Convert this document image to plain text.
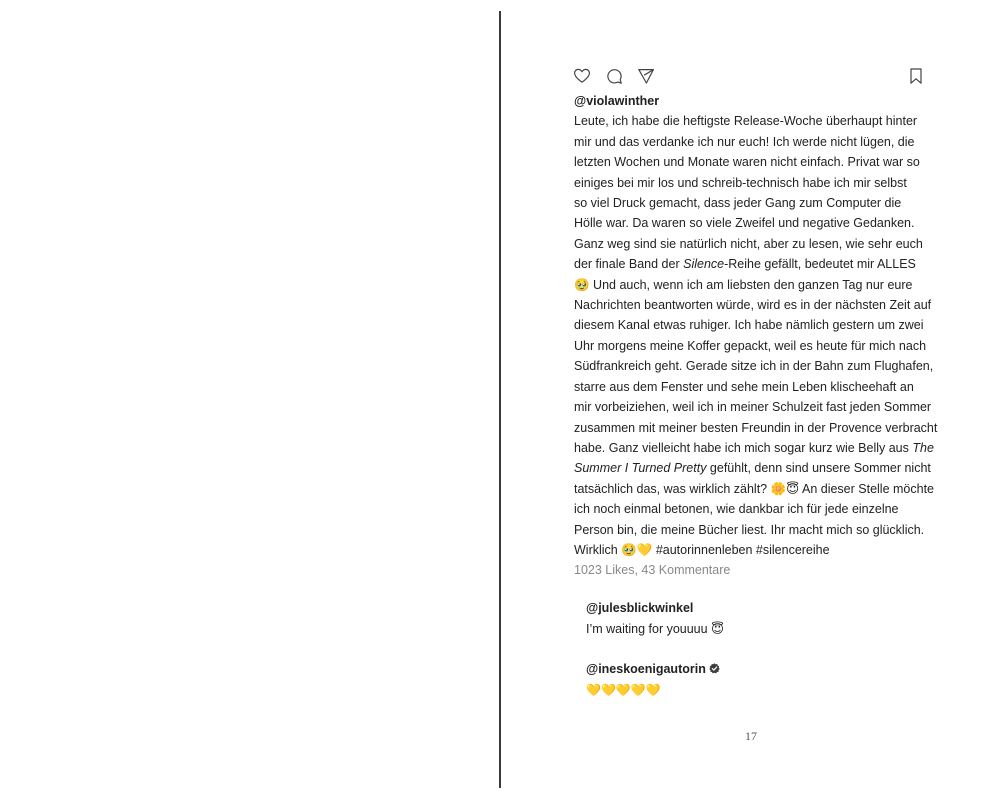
@violawinther
Leute, ich habe die heftigste Release-Woche überhaupt hinter
mir und das verdanke ich nur euch! Ich werde nicht lügen, die
letzten Wochen und Monate waren nicht einfach. Privat war so
einiges bei mir los und schreib-technisch habe ich mir selbst
so viel Druck gemacht, dass jeder Gang zum Computer die
Hölle war. Da waren so viele Zweifel und negative Gedanken.
Ganz weg sind sie natürlich nicht, aber zu lesen, wie sehr euch
der finale Band der Silence-Reihe gefällt, bedeutet mir ALLES
🥹 Und auch, wenn ich am liebsten den ganzen Tag nur eure
Nachrichten beantworten würde, wird es in der nächsten Zeit auf
diesem Kanal etwas ruhiger. Ich habe nämlich gestern um zwei
Uhr morgens meine Koffer gepackt, weil es heute für mich nach
Südfrankreich geht. Gerade sitze ich in der Bahn zum Flughafen,
starre aus dem Fenster und sehe mein Leben klischeehaft an
mir vorbeiziehen, weil ich in meiner Schulzeit fast jeden Sommer
zusammen mit meiner besten Freundin in der Provence verbracht
habe. Ganz vielleicht habe ich mich sogar kurz wie Belly aus The
Summer I Turned Pretty gefühlt, denn sind unsere Sommer nicht
tatsächlich das, was wirklich zählt? 🌼😇 An dieser Stelle möchte
ich noch einmal betonen, wie dankbar ich für jede einzelne
Person bin, die meine Bücher liest. Ihr macht mich so glücklich.
Wirklich 🥹💛 #autorinnenleben #silencereihe
1023 Likes, 43 Kommentare
@julesblickwinkel
I’m waiting for youuuu 😇
@ineskoenigautorin
💛💛💛💛💛
17
